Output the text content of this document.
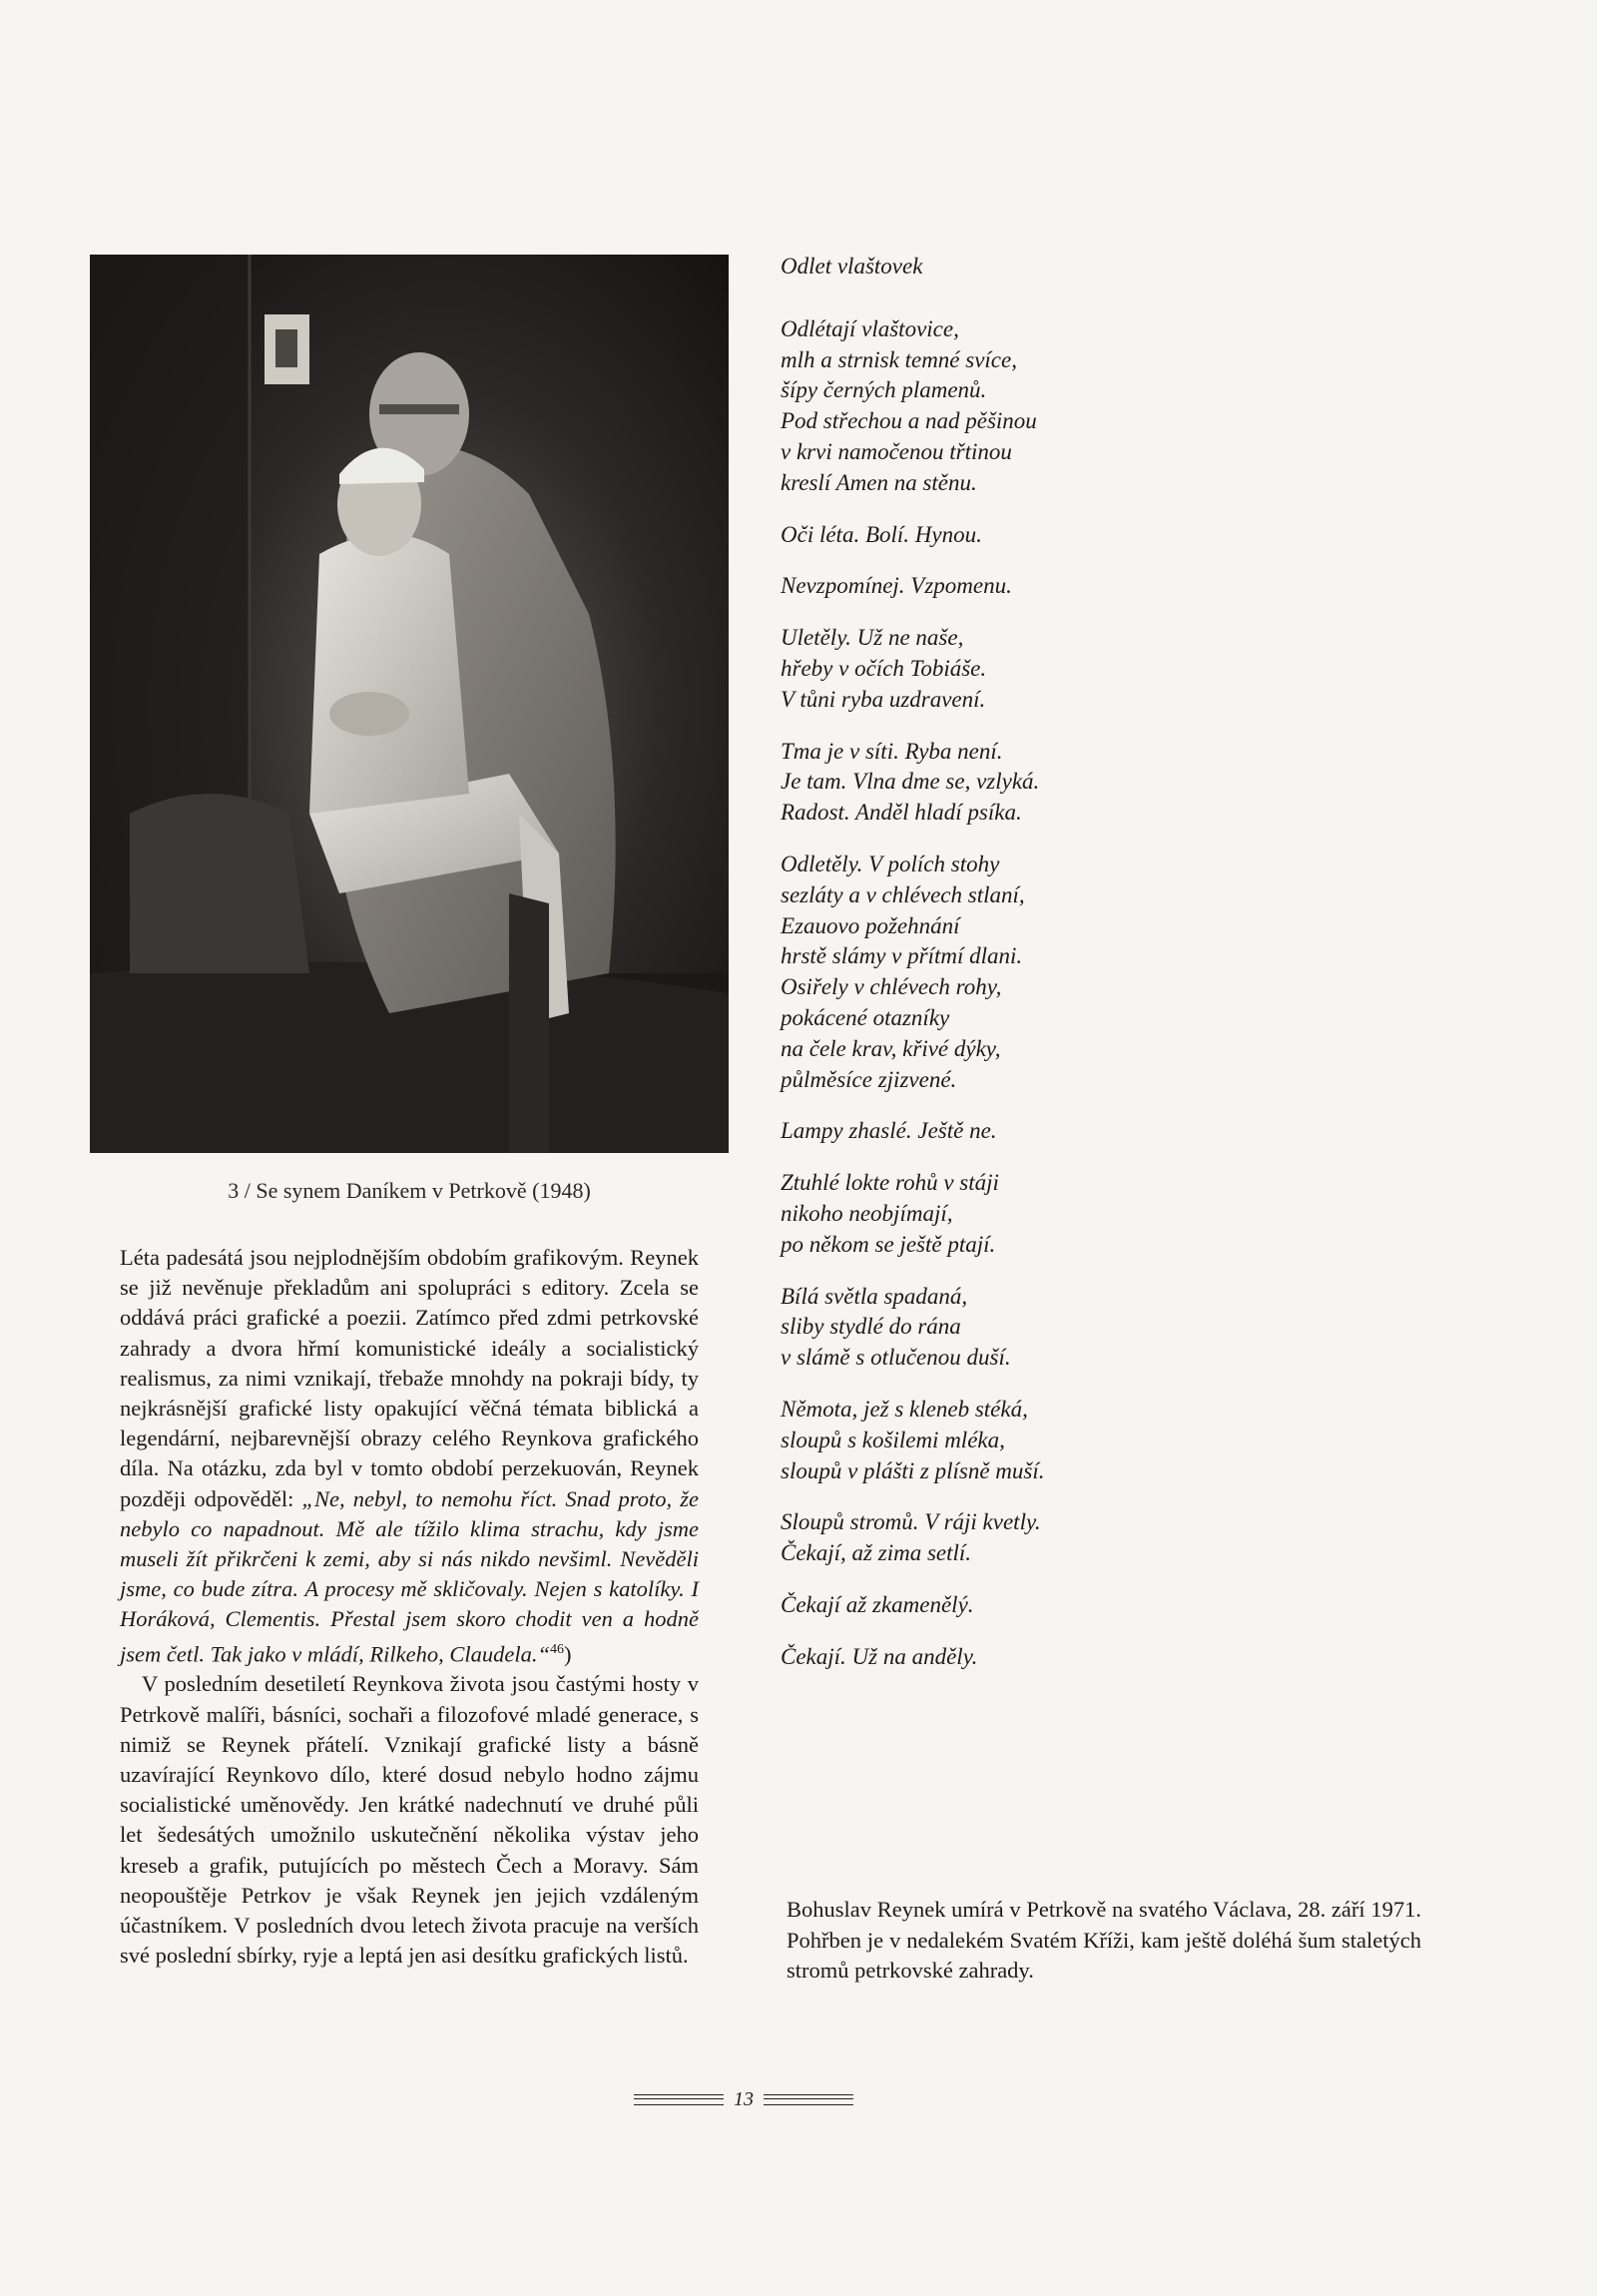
3 / Se synem Daníkem v Petrkově (1948)

Léta padesátá jsou nejplodnějším obdobím grafikovým. Reynek se již nevěnuje překladům ani spolupráci s editory. Zcela se oddává práci grafické a poezii. Zatímco před zdmi petrkovské zahrady a dvora hřmí komunistické ideály a socialistický realismus, za nimi vznikají, třebaže mnohdy na pokraji bídy, ty nejkrásnější grafické listy opakující věčná témata biblická a legendární, nejbarevnější obrazy celého Reynkova grafického díla. Na otázku, zda byl v tomto období perzekuován, Reynek později odpověděl: „Ne, nebyl, to nemohu říct. Snad proto, že nebylo co napadnout. Mě ale tížilo klima strachu, kdy jsme museli žít přikrčeni k zemi, aby si nás nikdo nevšiml. Nevěděli jsme, co bude zítra. A procesy mě skličovaly. Nejen s katolíky. I Horáková, Clementis. Přestal jsem skoro chodit ven a hodně jsem četl. Tak jako v mládí, Rilkeho, Claudela.“$^{46}$)

V posledním desetiletí Reynkova života jsou častými hosty v Petrkově malíři, básníci, sochaři a filozofové mladé generace, s nimiž se Reynek přátelí. Vznikají grafické listy a básně uzavírající Reynkovo dílo, které dosud nebylo hodno zájmu socialistické uměnovědy. Jen krátké nadechnutí ve druhé půli let šedesátých umožnilo uskutečnění několika výstav jeho kreseb a grafik, putujících po městech Čech a Moravy. Sám neopouštěje Petrkov je však Reynek jen jejich vzdáleným účastníkem. V posledních dvou letech života pracuje na verších své poslední sbírky, ryje a leptá jen asi desítku grafických listů.

Odlet vlaštovek
Odlétají vlaštovice,
mlh a strnisk temné svíce,
šípy černých plamenů.
Pod střechou a nad pěšinou
v krvi namočenou třtinou
kreslí Amen na stěnu.
Oči léta. Bolí. Hynou.
Nevzpomínej. Vzpomenu.
Uletěly. Už ne naše,
hřeby v očích Tobiáše.
V tůni ryba uzdravení.
Tma je v síti. Ryba není.
Je tam. Vlna dme se, vzlyká.
Radost. Anděl hladí psíka.
Odletěly. V polích stohy
sezláty a v chlévech stlaní,
Ezauovo požehnání
hrstě slámy v přítmí dlani.
Osiřely v chlévech rohy,
pokácené otazníky
na čele krav, křivé dýky,
půlměsíce zjizvené.
Lampy zhaslé. Ještě ne.
Ztuhlé lokte rohů v stáji
nikoho neobjímají,
po někom se ještě ptají.
Bílá světla spadaná,
sliby stydlé do rána
v slámě s otlučenou duší.
Němota, jež s kleneb stéká,
sloupů s košilemi mléka,
sloupů v plášti z plísně muší.
Sloupů stromů. V ráji kvetly.
Čekají, až zima setlí.
Čekají až zkamenělý.
Čekají. Už na anděly.
Bohuslav Reynek umírá v Petrkově na svatého Václava, 28. září 1971. Pohřben je v nedalekém Svatém Kříži, kam ještě doléhá šum staletých stromů petrkovské zahrady.
13
